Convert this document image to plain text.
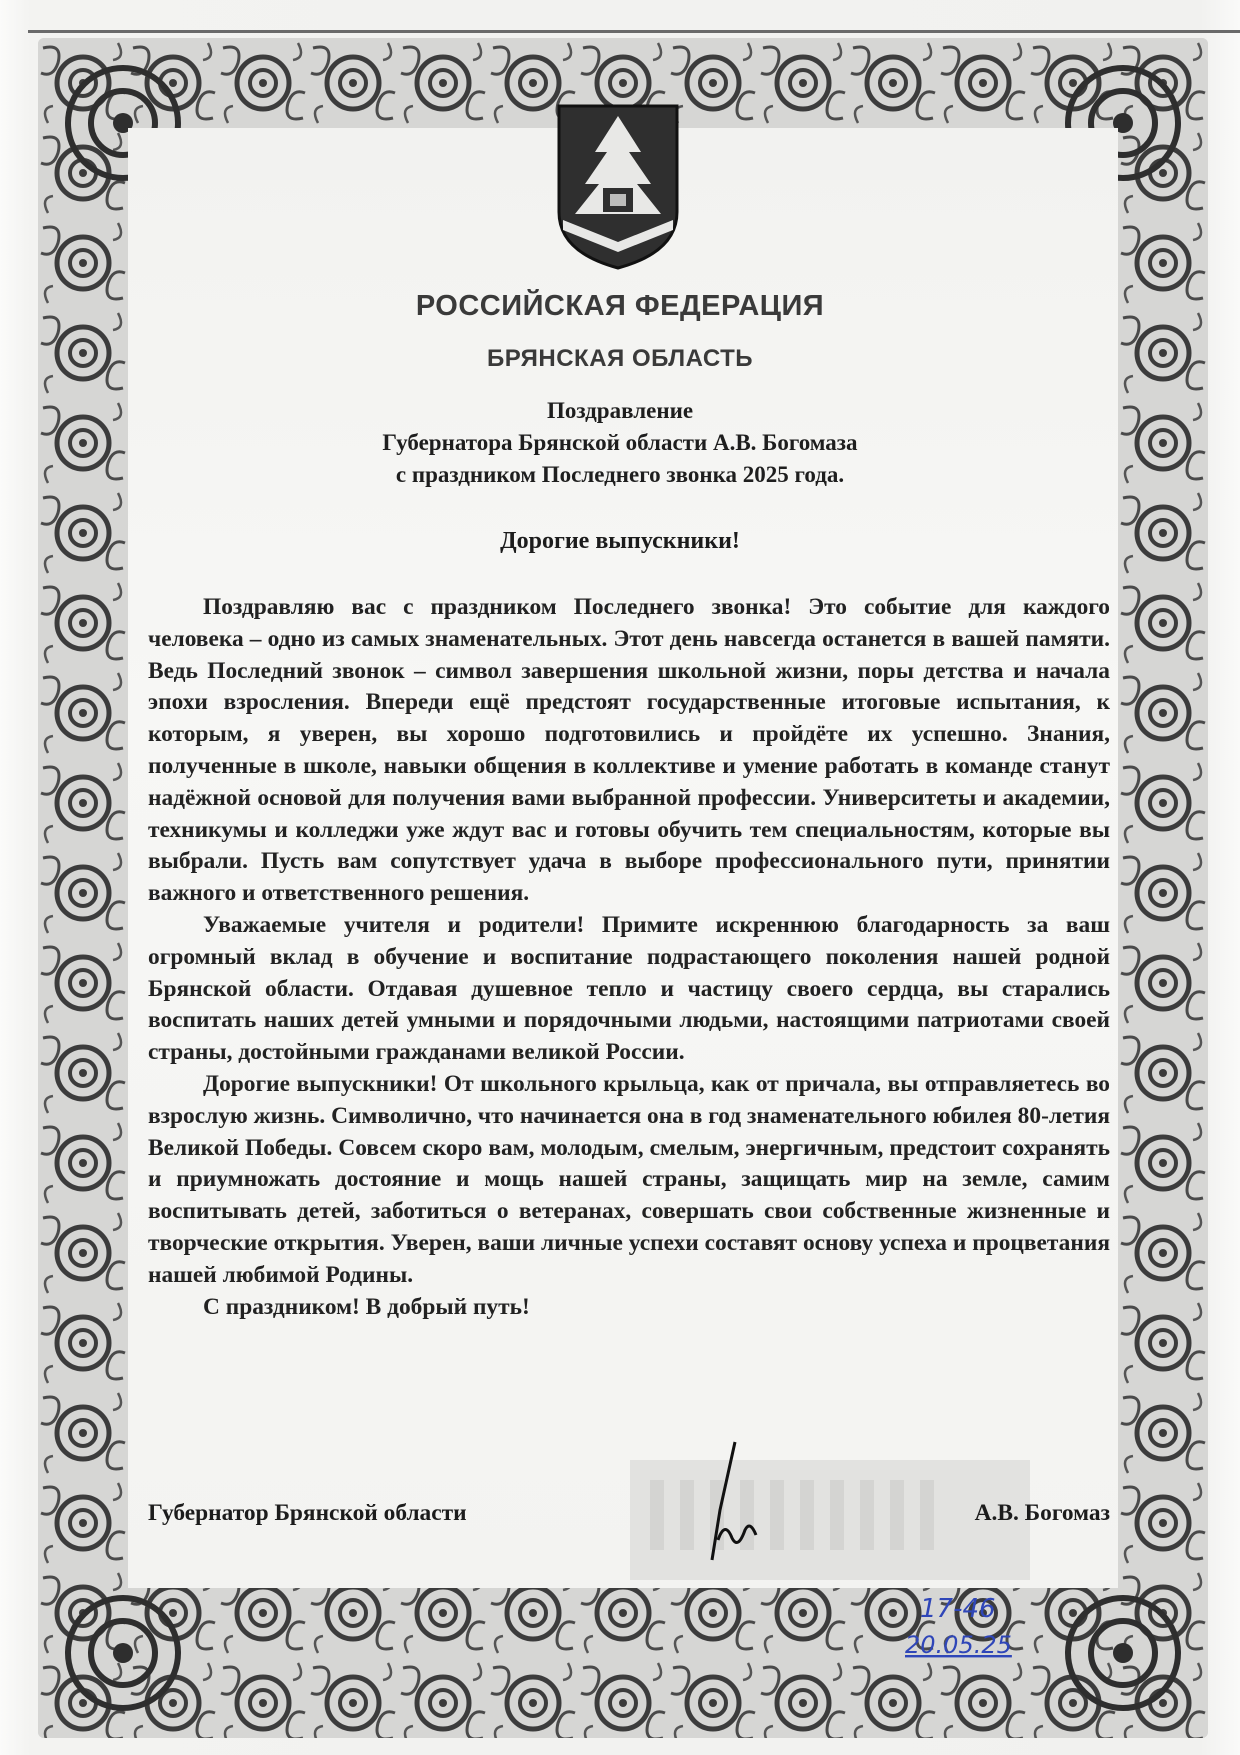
РОССИЙСКАЯ ФЕДЕРАЦИЯ
БРЯНСКАЯ ОБЛАСТЬ
Поздравление
Губернатора Брянской области А.В. Богомаза
с праздником Последнего звонка 2025 года.
Дорогие выпускники!

Поздравляю вас с праздником Последнего звонка! Это событие для каждого человека – одно из самых знаменательных. Этот день навсегда останется в вашей памяти. Ведь Последний звонок – символ завершения школьной жизни, поры детства и начала эпохи взросления. Впереди ещё предстоят государственные итоговые испытания, к которым, я уверен, вы хорошо подготовились и пройдёте их успешно. Знания, полученные в школе, навыки общения в коллективе и умение работать в команде станут надёжной основой для получения вами выбранной профессии. Университеты и академии, техникумы и колледжи уже ждут вас и готовы обучить тем специальностям, которые вы выбрали. Пусть вам сопутствует удача в выборе профессионального пути, принятии важного и ответственного решения.

Уважаемые учителя и родители! Примите искреннюю благодарность за ваш огромный вклад в обучение и воспитание подрастающего поколения нашей родной Брянской области. Отдавая душевное тепло и частицу своего сердца, вы старались воспитать наших детей умными и порядочными людьми, настоящими патриотами своей страны, достойными гражданами великой России.

Дорогие выпускники! От школьного крыльца, как от причала, вы отправляетесь во взрослую жизнь. Символично, что начинается она в год знаменательного юбилея 80-летия Великой Победы. Совсем скоро вам, молодым, смелым, энергичным, предстоит сохранять и приумножать достояние и мощь нашей страны, защищать мир на земле, самим воспитывать детей, заботиться о ветеранах, совершать свои собственные жизненные и творческие открытия. Уверен, ваши личные успехи составят основу успеха и процветания нашей любимой Родины.

С праздником! В добрый путь!

Губернатор Брянской области	А.В. Богомаз
17-46
20.05.25
